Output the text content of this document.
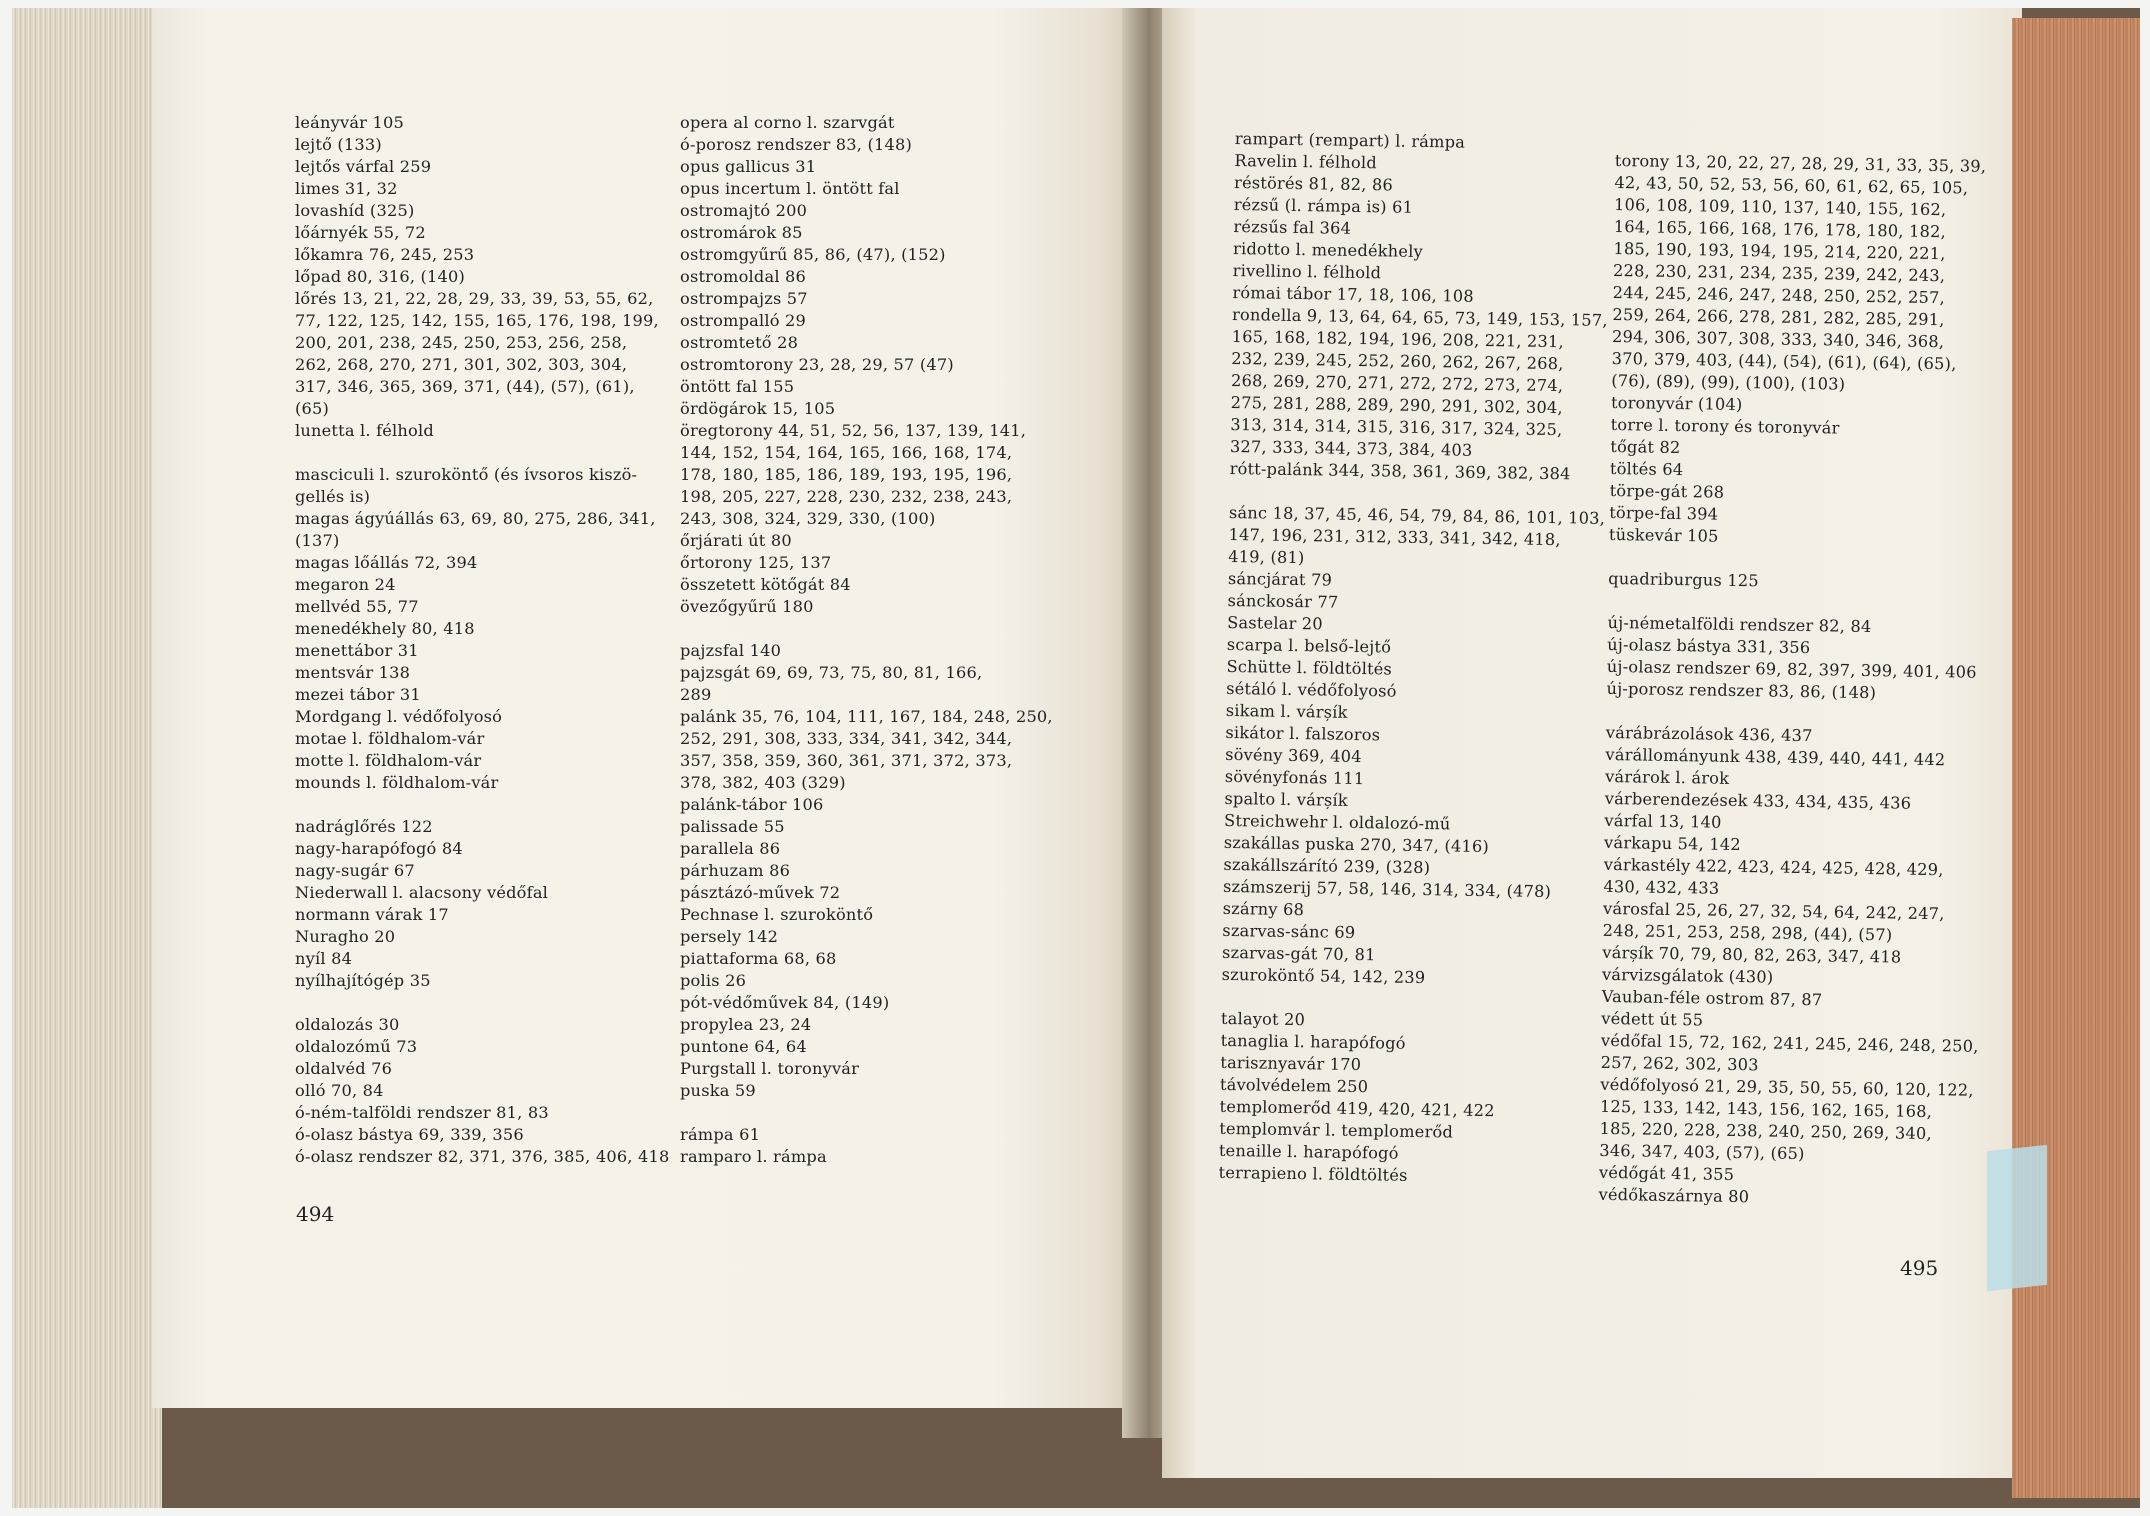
leányvár 105
lejtő (133)
lejtős várfal 259
limes 31, 32
lovashíd (325)
lőárnyék 55, 72
lőkamra 76, 245, 253
lőpad 80, 316, (140)
lőrés 13, 21, 22, 28, 29, 33, 39, 53, 55, 62,
77, 122, 125, 142, 155, 165, 176, 198, 199,
200, 201, 238, 245, 250, 253, 256, 258,
262, 268, 270, 271, 301, 302, 303, 304,
317, 346, 365, 369, 371, (44), (57), (61),
(65)
lunetta l. félhold
masciculi l. szuroköntő (és ívsoros kiszö-
gellés is)
magas ágyúállás 63, 69, 80, 275, 286, 341,
(137)
magas lőállás 72, 394
megaron 24
mellvéd 55, 77
menedékhely 80, 418
menettábor 31
mentsvár 138
mezei tábor 31
Mordgang l. védőfolyosó
motae l. földhalom-vár
motte l. földhalom-vár
mounds l. földhalom-vár
nadráglőrés 122
nagy-harapófogó 84
nagy-sugár 67
Niederwall l. alacsony védőfal
normann várak 17
Nuragho 20
nyíl 84
nyílhajítógép 35
oldalozás 30
oldalozómű 73
oldalvéd 76
olló 70, 84
ó-ném-talföldi rendszer 81, 83
ó-olasz bástya 69, 339, 356
ó-olasz rendszer 82, 371, 376, 385, 406, 418
opera al corno l. szarvgát
ó-porosz rendszer 83, (148)
opus gallicus 31
opus incertum l. öntött fal
ostromajtó 200
ostromárok 85
ostromgyűrű 85, 86, (47), (152)
ostromoldal 86
ostrompajzs 57
ostrompalló 29
ostromtető 28
ostromtorony 23, 28, 29, 57 (47)
öntött fal 155
ördögárok 15, 105
öregtorony 44, 51, 52, 56, 137, 139, 141,
144, 152, 154, 164, 165, 166, 168, 174,
178, 180, 185, 186, 189, 193, 195, 196,
198, 205, 227, 228, 230, 232, 238, 243,
243, 308, 324, 329, 330, (100)
őrjárati út 80
őrtorony 125, 137
összetett kötőgát 84
övezőgyűrű 180
pajzsfal 140
pajzsgát 69, 69, 73, 75, 80, 81, 166,
289
palánk 35, 76, 104, 111, 167, 184, 248, 250,
252, 291, 308, 333, 334, 341, 342, 344,
357, 358, 359, 360, 361, 371, 372, 373,
378, 382, 403 (329)
palánk-tábor 106
palissade 55
parallela 86
párhuzam 86
pásztázó-művek 72
Pechnase l. szuroköntő
persely 142
piattaforma 68, 68
polis 26
pót-védőművek 84, (149)
propylea 23, 24
puntone 64, 64
Purgstall l. toronyvár
puska 59
rámpa 61
ramparo l. rámpa
494
rampart (rempart) l. rámpa
Ravelin l. félhold
réstörés 81, 82, 86
rézsű (l. rámpa is) 61
rézsűs fal 364
ridotto l. menedékhely
rivellino l. félhold
római tábor 17, 18, 106, 108
rondella 9, 13, 64, 64, 65, 73, 149, 153, 157,
165, 168, 182, 194, 196, 208, 221, 231,
232, 239, 245, 252, 260, 262, 267, 268,
268, 269, 270, 271, 272, 272, 273, 274,
275, 281, 288, 289, 290, 291, 302, 304,
313, 314, 314, 315, 316, 317, 324, 325,
327, 333, 344, 373, 384, 403
rótt-palánk 344, 358, 361, 369, 382, 384
sánc 18, 37, 45, 46, 54, 79, 84, 86, 101, 103,
147, 196, 231, 312, 333, 341, 342, 418,
419, (81)
sáncjárat 79
sánckosár 77
Sastelar 20
scarpa l. belső-lejtő
Schütte l. földtöltés
sétáló l. védőfolyosó
sikam l. várșík
sikátor l. falszoros
sövény 369, 404
sövényfonás 111
spalto l. várșík
Streichwehr l. oldalozó-mű
szakállas puska 270, 347, (416)
szakállszárító 239, (328)
számszerij 57, 58, 146, 314, 334, (478)
szárny 68
szarvas-sánc 69
szarvas-gát 70, 81
szuroköntő 54, 142, 239
talayot 20
tanaglia l. harapófogó
tarisznyavár 170
távolvédelem 250
templomerőd 419, 420, 421, 422
templomvár l. templomerőd
tenaille l. harapófogó
terrapieno l. földtöltés
torony 13, 20, 22, 27, 28, 29, 31, 33, 35, 39,
42, 43, 50, 52, 53, 56, 60, 61, 62, 65, 105,
106, 108, 109, 110, 137, 140, 155, 162,
164, 165, 166, 168, 176, 178, 180, 182,
185, 190, 193, 194, 195, 214, 220, 221,
228, 230, 231, 234, 235, 239, 242, 243,
244, 245, 246, 247, 248, 250, 252, 257,
259, 264, 266, 278, 281, 282, 285, 291,
294, 306, 307, 308, 333, 340, 346, 368,
370, 379, 403, (44), (54), (61), (64), (65),
(76), (89), (99), (100), (103)
toronyvár (104)
torre l. torony és toronyvár
tőgát 82
töltés 64
törpe-gát 268
törpe-fal 394
tüskevár 105
quadriburgus 125
új-németalföldi rendszer 82, 84
új-olasz bástya 331, 356
új-olasz rendszer 69, 82, 397, 399, 401, 406
új-porosz rendszer 83, 86, (148)
várábrázolások 436, 437
várállományunk 438, 439, 440, 441, 442
várárok l. árok
várberendezések 433, 434, 435, 436
várfal 13, 140
várkapu 54, 142
várkastély 422, 423, 424, 425, 428, 429,
430, 432, 433
városfal 25, 26, 27, 32, 54, 64, 242, 247,
248, 251, 253, 258, 298, (44), (57)
várșík 70, 79, 80, 82, 263, 347, 418
várvizsgálatok (430)
Vauban-féle ostrom 87, 87
védett út 55
védőfal 15, 72, 162, 241, 245, 246, 248, 250,
257, 262, 302, 303
védőfolyosó 21, 29, 35, 50, 55, 60, 120, 122,
125, 133, 142, 143, 156, 162, 165, 168,
185, 220, 228, 238, 240, 250, 269, 340,
346, 347, 403, (57), (65)
védőgát 41, 355
védőkaszárnya 80
495
